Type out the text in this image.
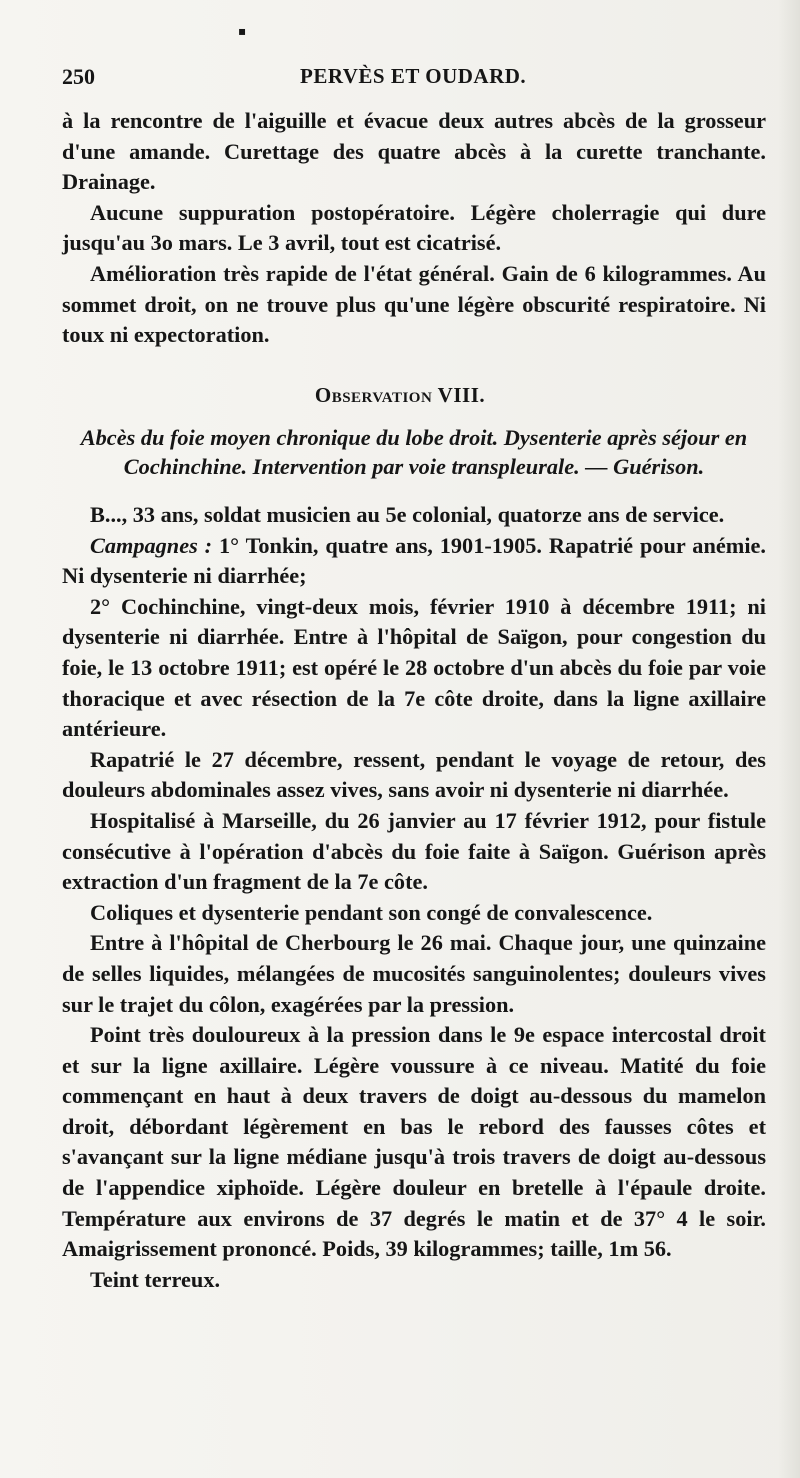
250	PERVÈS ET OUDARD.
▪

à la rencontre de l'aiguille et évacue deux autres abcès de la grosseur d'une amande. Curettage des quatre abcès à la curette tranchante. Drainage.

Aucune suppuration postopératoire. Légère cholerragie qui dure jusqu'au 3o mars. Le 3 avril, tout est cicatrisé.

Amélioration très rapide de l'état général. Gain de 6 kilogrammes. Au sommet droit, on ne trouve plus qu'une légère obscurité respiratoire. Ni toux ni expectoration.

Observation VIII.
Abcès du foie moyen chronique du lobe droit. Dysenterie après séjour en Cochinchine. Intervention par voie transpleurale. — Guérison.

B..., 33 ans, soldat musicien au 5e colonial, quatorze ans de service.

Campagnes : 1° Tonkin, quatre ans, 1901-1905. Rapatrié pour anémie. Ni dysenterie ni diarrhée;

2° Cochinchine, vingt-deux mois, février 1910 à décembre 1911; ni dysenterie ni diarrhée. Entre à l'hôpital de Saïgon, pour congestion du foie, le 13 octobre 1911; est opéré le 28 octobre d'un abcès du foie par voie thoracique et avec résection de la 7e côte droite, dans la ligne axillaire antérieure.

Rapatrié le 27 décembre, ressent, pendant le voyage de retour, des douleurs abdominales assez vives, sans avoir ni dysenterie ni diarrhée.

Hospitalisé à Marseille, du 26 janvier au 17 février 1912, pour fistule consécutive à l'opération d'abcès du foie faite à Saïgon. Guérison après extraction d'un fragment de la 7e côte.

Coliques et dysenterie pendant son congé de convalescence.

Entre à l'hôpital de Cherbourg le 26 mai. Chaque jour, une quinzaine de selles liquides, mélangées de mucosités sanguinolentes; douleurs vives sur le trajet du côlon, exagérées par la pression.

Point très douloureux à la pression dans le 9e espace intercostal droit et sur la ligne axillaire. Légère voussure à ce niveau. Matité du foie commençant en haut à deux travers de doigt au-dessous du mamelon droit, débordant légèrement en bas le rebord des fausses côtes et s'avançant sur la ligne médiane jusqu'à trois travers de doigt au-dessous de l'appendice xiphoïde. Légère douleur en bretelle à l'épaule droite. Température aux environs de 37 degrés le matin et de 37° 4 le soir. Amaigrissement prononcé. Poids, 39 kilogrammes; taille, 1m 56.

Teint terreux.
